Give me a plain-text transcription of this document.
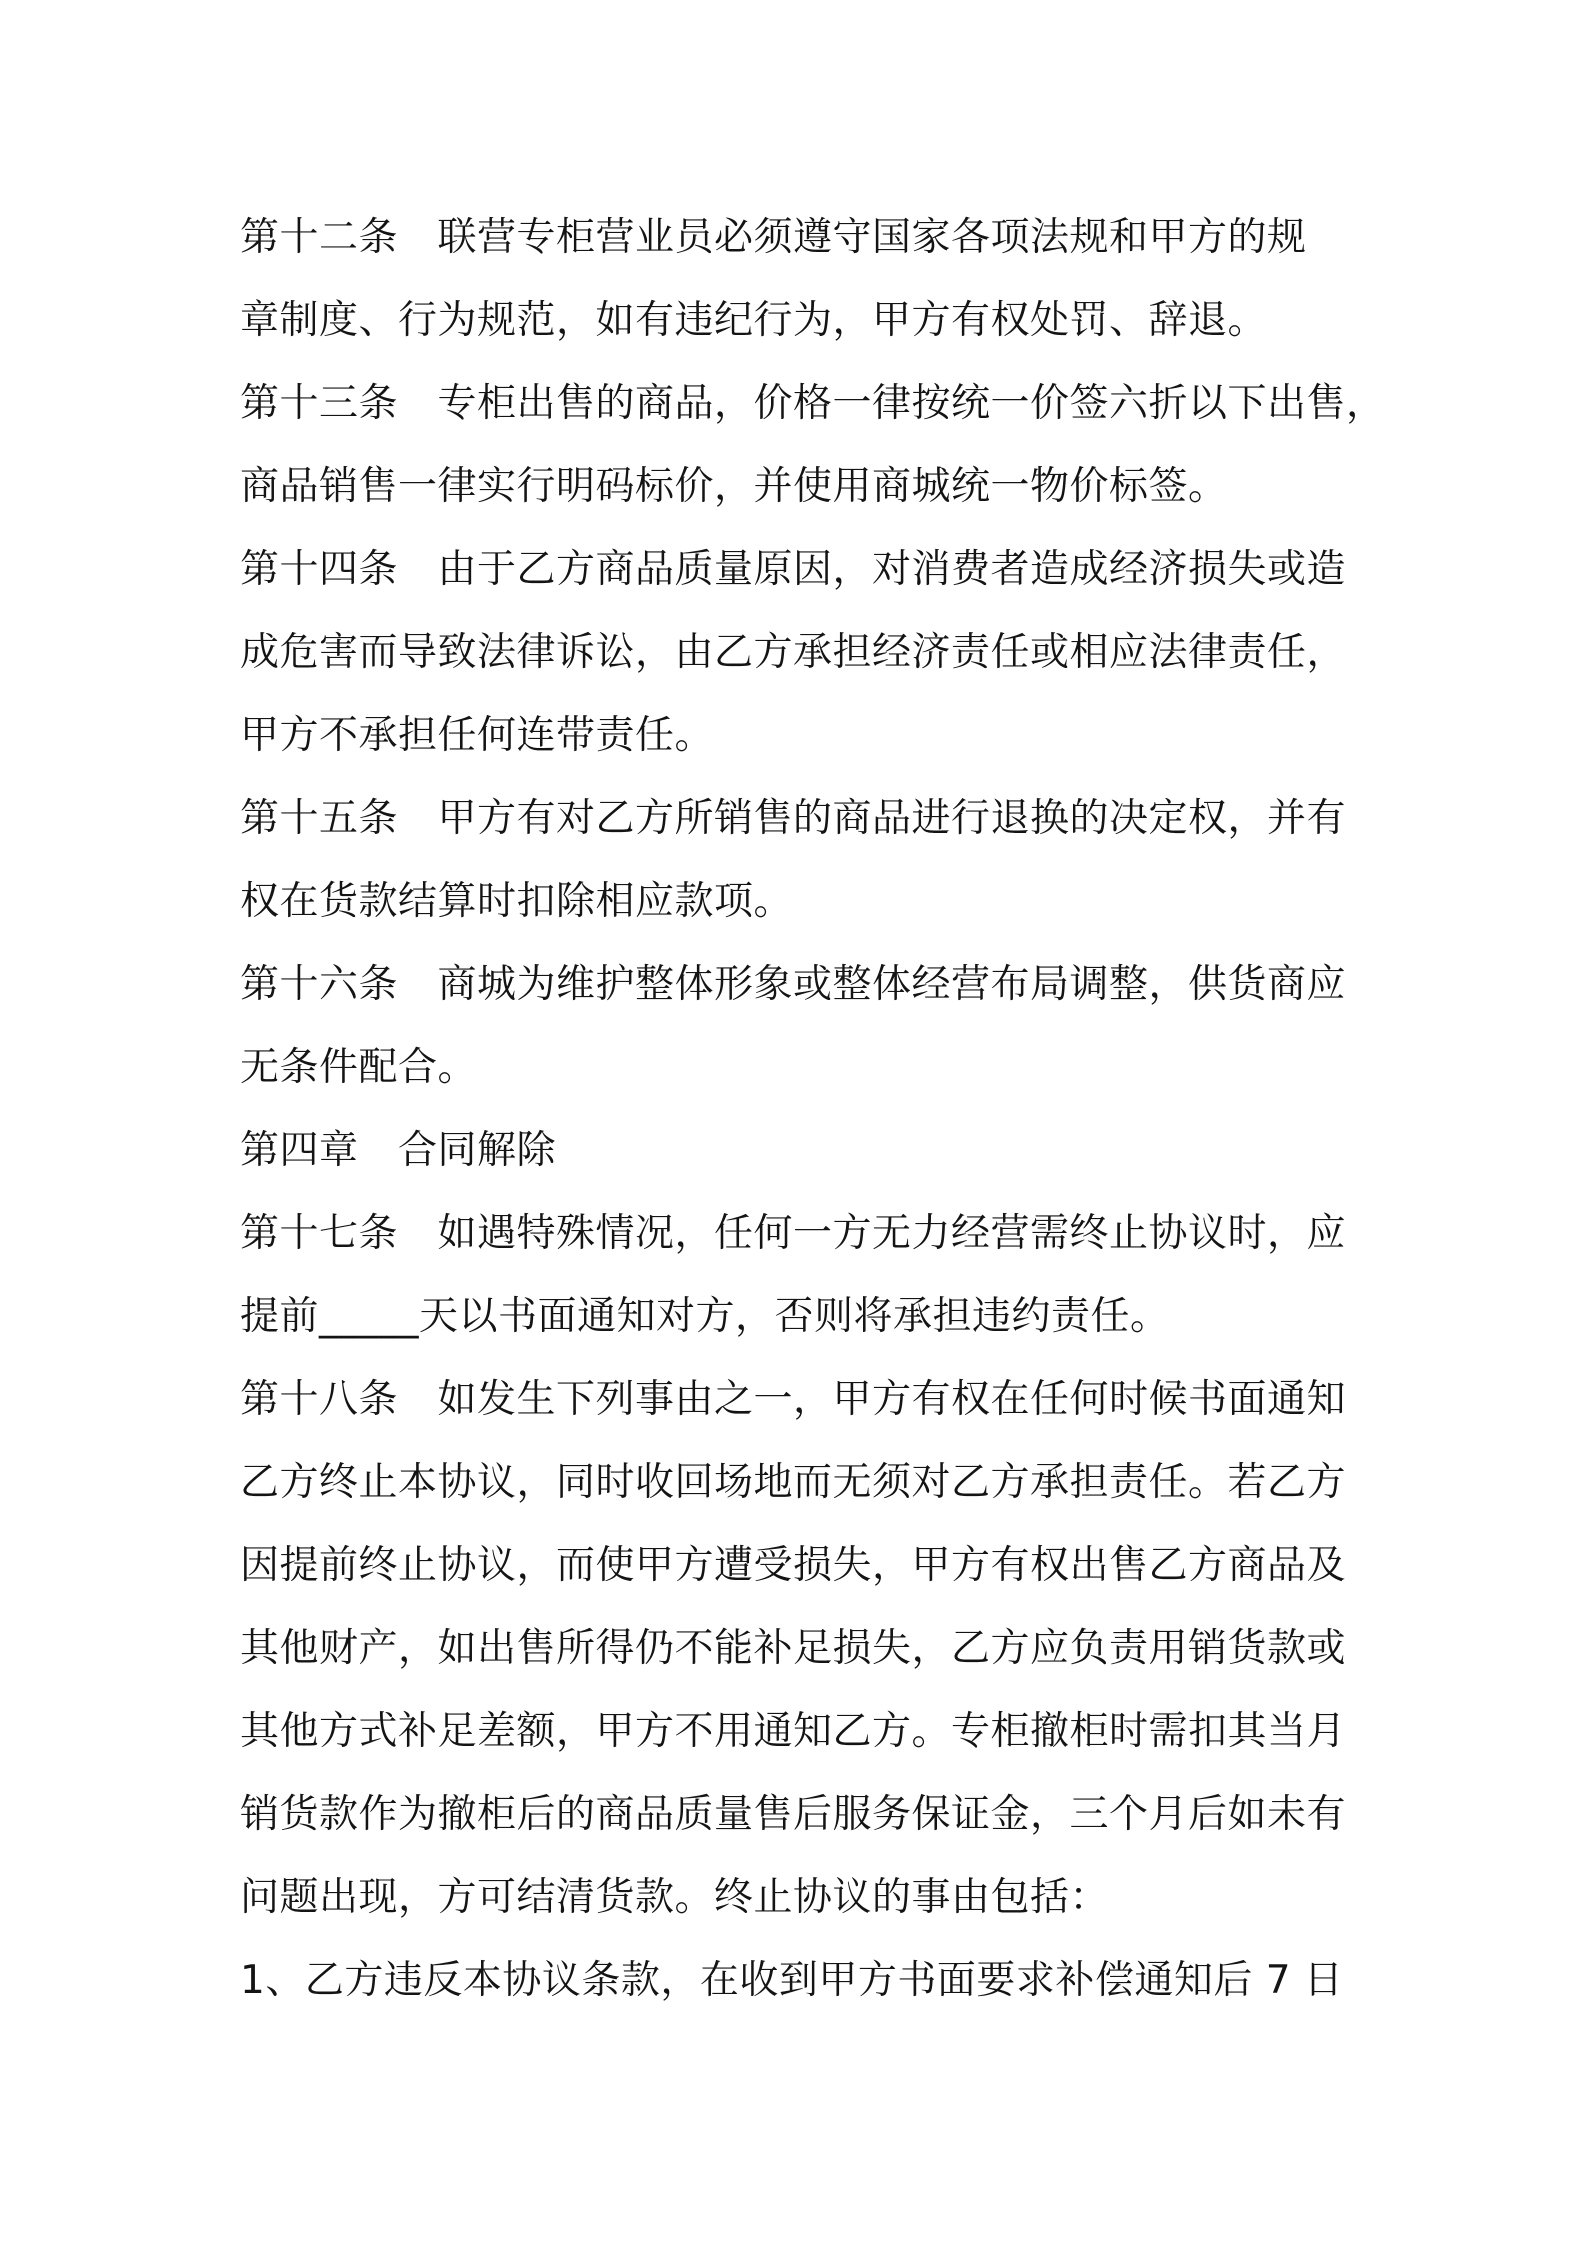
第十二条　联营专柜营业员必须遵守国家各项法规和甲方的规
章制度、行为规范，如有违纪行为，甲方有权处罚、辞退。
第十三条　专柜出售的商品，价格一律按统一价签六折以下出售，
商品销售一律实行明码标价，并使用商城统一物价标签。
第十四条　由于乙方商品质量原因，对消费者造成经济损失或造
成危害而导致法律诉讼，由乙方承担经济责任或相应法律责任，
甲方不承担任何连带责任。
第十五条　甲方有对乙方所销售的商品进行退换的决定权，并有
权在货款结算时扣除相应款项。
第十六条　商城为维护整体形象或整体经营布局调整，供货商应
无条件配合。
第四章　合同解除
第十七条　如遇特殊情况，任何一方无力经营需终止协议时，应
提前_____天以书面通知对方，否则将承担违约责任。
第十八条　如发生下列事由之一，甲方有权在任何时候书面通知
乙方终止本协议，同时收回场地而无须对乙方承担责任。若乙方
因提前终止协议，而使甲方遭受损失，甲方有权出售乙方商品及
其他财产，如出售所得仍不能补足损失，乙方应负责用销货款或
其他方式补足差额，甲方不用通知乙方。专柜撤柜时需扣其当月
销货款作为撤柜后的商品质量售后服务保证金，三个月后如未有
问题出现，方可结清货款。终止协议的事由包括：
1、乙方违反本协议条款，在收到甲方书面要求补偿通知后 7 日
